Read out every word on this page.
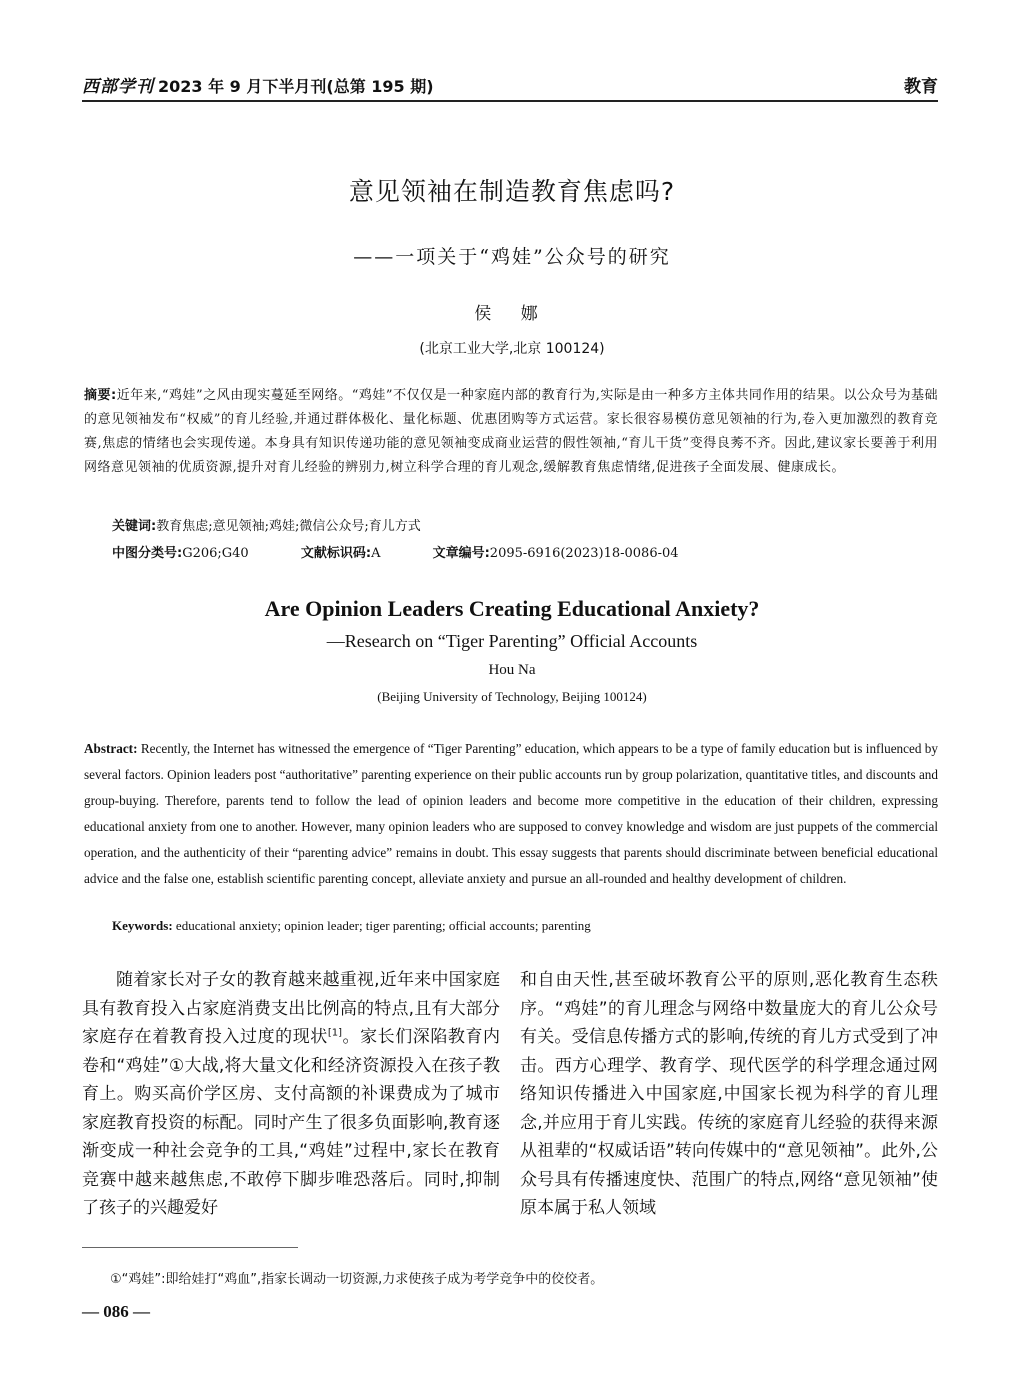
西部学刊 2023 年 9 月下半月刊(总第 195 期)	教育
意见领袖在制造教育焦虑吗?
——一项关于“鸡娃”公众号的研究
侯 娜
(北京工业大学,北京 100124)
摘要:近年来,“鸡娃”之风由现实蔓延至网络。“鸡娃”不仅仅是一种家庭内部的教育行为,实际是由一种多方主体共同作用的结果。以公众号为基础的意见领袖发布“权威”的育儿经验,并通过群体极化、量化标题、优惠团购等方式运营。家长很容易模仿意见领袖的行为,卷入更加激烈的教育竞赛,焦虑的情绪也会实现传递。本身具有知识传递功能的意见领袖变成商业运营的假性领袖,“育儿干货”变得良莠不齐。因此,建议家长要善于利用网络意见领袖的优质资源,提升对育儿经验的辨别力,树立科学合理的育儿观念,缓解教育焦虑情绪,促进孩子全面发展、健康成长。
关键词:教育焦虑;意见领袖;鸡娃;微信公众号;育儿方式
中图分类号:G206;G40	文献标识码:A	文章编号:2095-6916(2023)18-0086-04
Are Opinion Leaders Creating Educational Anxiety?
—Research on “Tiger Parenting” Official Accounts
Hou Na
(Beijing University of Technology, Beijing 100124)
Abstract: Recently, the Internet has witnessed the emergence of “Tiger Parenting” education, which appears to be a type of family education but is influenced by several factors. Opinion leaders post “authoritative” parenting experience on their public accounts run by group polarization, quantitative titles, and discounts and group-buying. Therefore, parents tend to follow the lead of opinion leaders and become more competitive in the education of their children, expressing educational anxiety from one to another. However, many opinion leaders who are supposed to convey knowledge and wisdom are just puppets of the commercial operation, and the authenticity of their “parenting advice” remains in doubt. This essay suggests that parents should discriminate between beneficial educational advice and the false one, establish scientific parenting concept, alleviate anxiety and pursue an all-rounded and healthy development of children.
Keywords: educational anxiety; opinion leader; tiger parenting; official accounts; parenting
随着家长对子女的教育越来越重视,近年来中国家庭具有教育投入占家庭消费支出比例高的特点,且有大部分家庭存在着教育投入过度的现状[1]。家长们深陷教育内卷和“鸡娃”①大战,将大量文化和经济资源投入在孩子教育上。购买高价学区房、支付高额的补课费成为了城市家庭教育投资的标配。同时产生了很多负面影响,教育逐渐变成一种社会竞争的工具,“鸡娃”过程中,家长在教育竞赛中越来越焦虑,不敢停下脚步唯恐落后。同时,抑制了孩子的兴趣爱好
和自由天性,甚至破坏教育公平的原则,恶化教育生态秩序。“鸡娃”的育儿理念与网络中数量庞大的育儿公众号有关。受信息传播方式的影响,传统的育儿方式受到了冲击。西方心理学、教育学、现代医学的科学理念通过网络知识传播进入中国家庭,中国家长视为科学的育儿理念,并应用于育儿实践。传统的家庭育儿经验的获得来源从祖辈的“权威话语”转向传媒中的“意见领袖”。此外,公众号具有传播速度快、范围广的特点,网络“意见领袖”使原本属于私人领域
①“鸡娃”:即给娃打“鸡血”,指家长调动一切资源,力求使孩子成为考学竞争中的佼佼者。
— 086 —
